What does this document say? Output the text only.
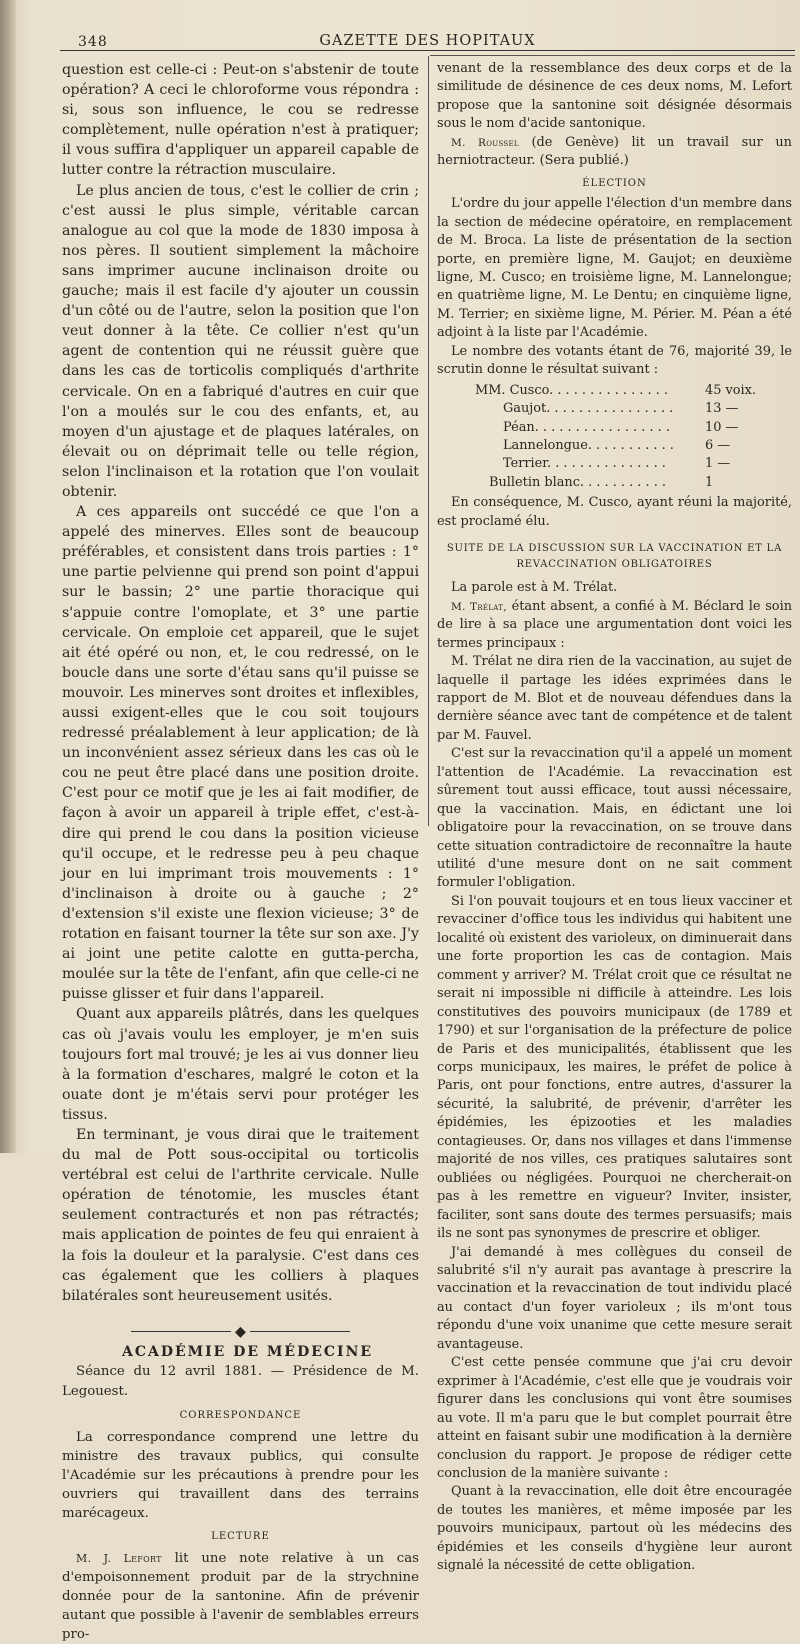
348	GAZETTE DES HOPITAUX

question est celle-ci : Peut-on s'abstenir de toute opération? A ceci le chloroforme vous répondra : si, sous son influence, le cou se redresse complètement, nulle opération n'est à pratiquer; il vous suffira d'appliquer un appareil capable de lutter contre la rétraction musculaire.

Le plus ancien de tous, c'est le collier de crin ; c'est aussi le plus simple, véritable carcan analogue au col que la mode de 1830 imposa à nos pères. Il soutient simplement la mâchoire sans imprimer aucune inclinaison droite ou gauche; mais il est facile d'y ajouter un coussin d'un côté ou de l'autre, selon la position que l'on veut donner à la tête. Ce collier n'est qu'un agent de contention qui ne réussit guère que dans les cas de torticolis compliqués d'arthrite cervicale. On en a fabriqué d'autres en cuir que l'on a moulés sur le cou des enfants, et, au moyen d'un ajustage et de plaques latérales, on élevait ou on déprimait telle ou telle région, selon l'inclinaison et la rotation que l'on voulait obtenir.

A ces appareils ont succédé ce que l'on a appelé des minerves. Elles sont de beaucoup préférables, et consistent dans trois parties : 1° une partie pelvienne qui prend son point d'appui sur le bassin; 2° une partie thoracique qui s'appuie contre l'omoplate, et 3° une partie cervicale. On emploie cet appareil, que le sujet ait été opéré ou non, et, le cou redressé, on le boucle dans une sorte d'étau sans qu'il puisse se mouvoir. Les minerves sont droites et inflexibles, aussi exigent-elles que le cou soit toujours redressé préalablement à leur application; de là un inconvénient assez sérieux dans les cas où le cou ne peut être placé dans une position droite. C'est pour ce motif que je les ai fait modifier, de façon à avoir un appareil à triple effet, c'est-à-dire qui prend le cou dans la position vicieuse qu'il occupe, et le redresse peu à peu chaque jour en lui imprimant trois mouvements : 1° d'inclinaison à droite ou à gauche ; 2° d'extension s'il existe une flexion vicieuse; 3° de rotation en faisant tourner la tête sur son axe. J'y ai joint une petite calotte en gutta-percha, moulée sur la tête de l'enfant, afin que celle-ci ne puisse glisser et fuir dans l'appareil.

Quant aux appareils plâtrés, dans les quelques cas où j'avais voulu les employer, je m'en suis toujours fort mal trouvé; je les ai vus donner lieu à la formation d'eschares, malgré le coton et la ouate dont je m'étais servi pour protéger les tissus.

En terminant, je vous dirai que le traitement du mal de Pott sous-occipital ou torticolis vertébral est celui de l'arthrite cervicale. Nulle opération de ténotomie, les muscles étant seulement contracturés et non pas rétractés; mais application de pointes de feu qui enraient à la fois la douleur et la paralysie. C'est dans ces cas également que les colliers à plaques bilatérales sont heureusement usités.

◆

ACADÉMIE DE MÉDECINE

Séance du 12 avril 1881. — Présidence de M. Legouest.

CORRESPONDANCE

La correspondance comprend une lettre du ministre des travaux publics, qui consulte l'Académie sur les précautions à prendre pour les ouvriers qui travaillent dans des terrains marécageux.

LECTURE

M. J. Lefort lit une note relative à un cas d'empoisonnement produit par de la strychnine donnée pour de la santonine. Afin de prévenir autant que possible à l'avenir de semblables erreurs pro-

venant de la ressemblance des deux corps et de la similitude de désinence de ces deux noms, M. Lefort propose que la santonine soit désignée désormais sous le nom d'acide santonique.

M. Roussel (de Genève) lit un travail sur un herniotracteur. (Sera publié.)

ÉLECTION

L'ordre du jour appelle l'élection d'un membre dans la section de médecine opératoire, en remplacement de M. Broca. La liste de présentation de la section porte, en première ligne, M. Gaujot; en deuxième ligne, M. Cusco; en troisième ligne, M. Lannelongue; en quatrième ligne, M. Le Dentu; en cinquième ligne, M. Terrier; en sixième ligne, M. Périer. M. Péan a été adjoint à la liste par l'Académie.

Le nombre des votants étant de 76, majorité 39, le scrutin donne le résultat suivant :

MM. Cusco. . . . . . . . . . . . . . .	45 voix.
Gaujot. . . . . . . . . . . . . . . . 13 —
Péan. . . . . . . . . . . . . . . . .	10 —
Lannelongue. . . . . . . . . . . 6 —
Terrier. . . . . . . . . . . . . . .	1 —
Bulletin blanc. . . . . . . . . . .	1

En conséquence, M. Cusco, ayant réuni la majorité, est proclamé élu.

SUITE DE LA DISCUSSION SUR LA VACCINATION ET LA REVACCINATION OBLIGATOIRES

La parole est à M. Trélat.

M. Trélat, étant absent, a confié à M. Béclard le soin de lire à sa place une argumentation dont voici les termes principaux :

M. Trélat ne dira rien de la vaccination, au sujet de laquelle il partage les idées exprimées dans le rapport de M. Blot et de nouveau défendues dans la dernière séance avec tant de compétence et de talent par M. Fauvel.

C'est sur la revaccination qu'il a appelé un moment l'attention de l'Académie. La revaccination est sûrement tout aussi efficace, tout aussi nécessaire, que la vaccination. Mais, en édictant une loi obligatoire pour la revaccination, on se trouve dans cette situation contradictoire de reconnaître la haute utilité d'une mesure dont on ne sait comment formuler l'obligation.

Si l'on pouvait toujours et en tous lieux vacciner et revacciner d'office tous les individus qui habitent une localité où existent des varioleux, on diminuerait dans une forte proportion les cas de contagion. Mais comment y arriver? M. Trélat croit que ce résultat ne serait ni impossible ni difficile à atteindre. Les lois constitutives des pouvoirs municipaux (de 1789 et 1790) et sur l'organisation de la préfecture de police de Paris et des municipalités, établissent que les corps municipaux, les maires, le préfet de police à Paris, ont pour fonctions, entre autres, d'assurer la sécurité, la salubrité, de prévenir, d'arrêter les épidémies, les épizooties et les maladies contagieuses. Or, dans nos villages et dans l'immense majorité de nos villes, ces pratiques salutaires sont oubliées ou négligées. Pourquoi ne chercherait-on pas à les remettre en vigueur? Inviter, insister, faciliter, sont sans doute des termes persuasifs; mais ils ne sont pas synonymes de prescrire et obliger.

J'ai demandé à mes collègues du conseil de salubrité s'il n'y aurait pas avantage à prescrire la vaccination et la revaccination de tout individu placé au contact d'un foyer varioleux ; ils m'ont tous répondu d'une voix unanime que cette mesure serait avantageuse.

C'est cette pensée commune que j'ai cru devoir exprimer à l'Académie, c'est elle que je voudrais voir figurer dans les conclusions qui vont être soumises au vote. Il m'a paru que le but complet pourrait être atteint en faisant subir une modification à la dernière conclusion du rapport. Je propose de rédiger cette conclusion de la manière suivante :

Quant à la revaccination, elle doit être encouragée de toutes les manières, et même imposée par les pouvoirs municipaux, partout où les médecins des épidémies et les conseils d'hygiène leur auront signalé la nécessité de cette obligation.
